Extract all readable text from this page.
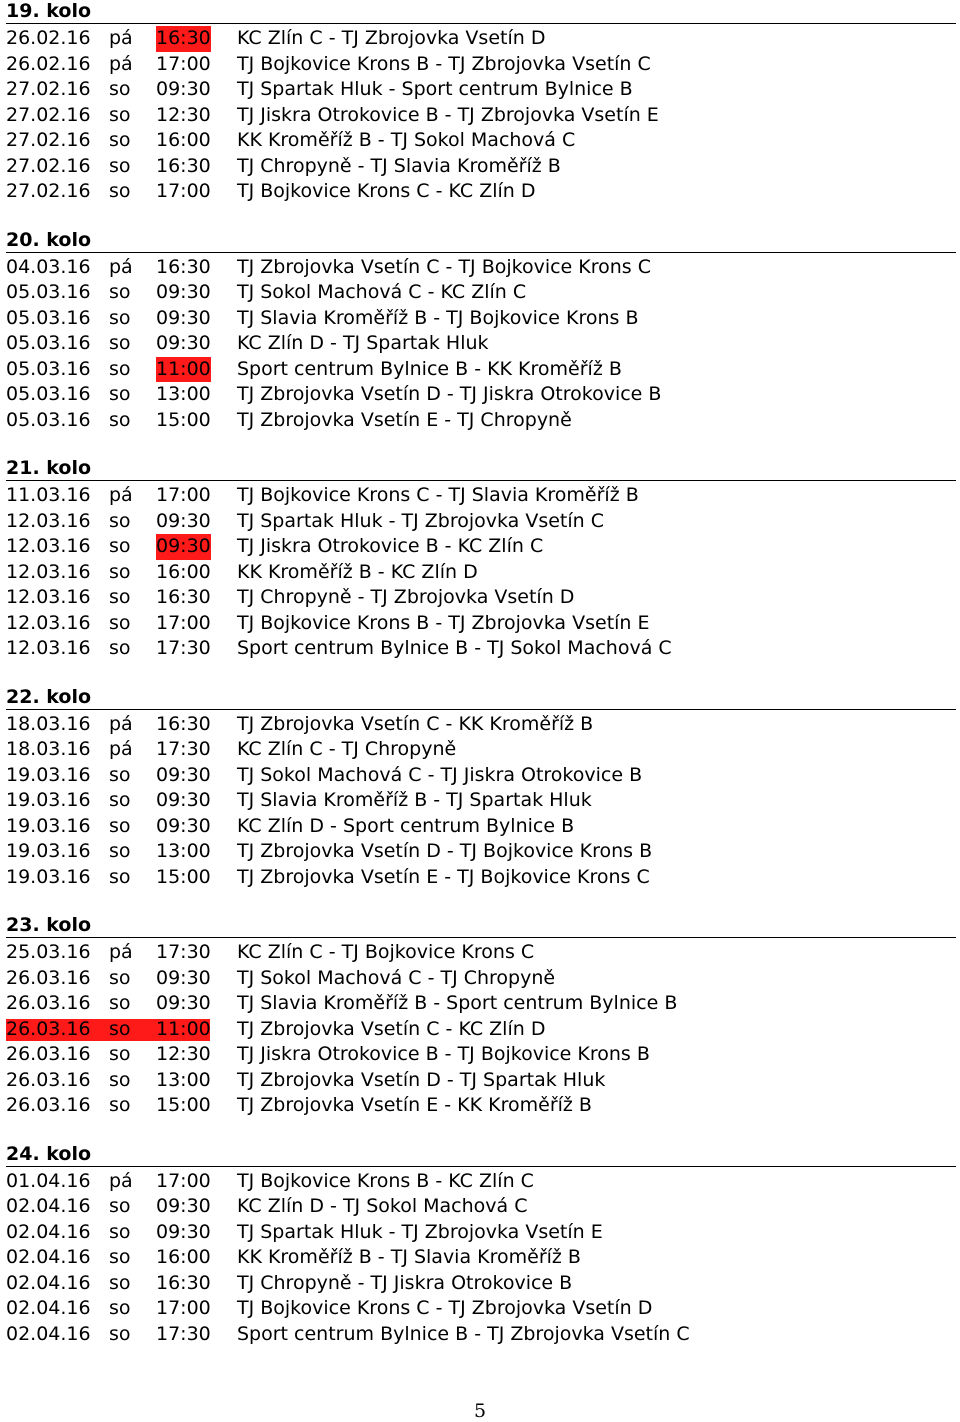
19. kolo
26.02.16 pá 16:30 KC Zlín C - TJ Zbrojovka Vsetín D
26.02.16 pá 17:00 TJ Bojkovice Krons B - TJ Zbrojovka Vsetín C
27.02.16 so 09:30 TJ Spartak Hluk - Sport centrum Bylnice B
27.02.16 so 12:30 TJ Jiskra Otrokovice B - TJ Zbrojovka Vsetín E
27.02.16 so 16:00 KK Kroměříž B - TJ Sokol Machová C
27.02.16 so 16:30 TJ Chropyně - TJ Slavia Kroměříž B
27.02.16 so 17:00 TJ Bojkovice Krons C - KC Zlín D
20. kolo
04.03.16 pá 16:30 TJ Zbrojovka Vsetín C - TJ Bojkovice Krons C
05.03.16 so 09:30 TJ Sokol Machová C - KC Zlín C
05.03.16 so 09:30 TJ Slavia Kroměříž B - TJ Bojkovice Krons B
05.03.16 so 09:30 KC Zlín D - TJ Spartak Hluk
05.03.16 so 11:00 Sport centrum Bylnice B - KK Kroměříž B
05.03.16 so 13:00 TJ Zbrojovka Vsetín D - TJ Jiskra Otrokovice B
05.03.16 so 15:00 TJ Zbrojovka Vsetín E - TJ Chropyně
21. kolo
11.03.16 pá 17:00 TJ Bojkovice Krons C - TJ Slavia Kroměříž B
12.03.16 so 09:30 TJ Spartak Hluk - TJ Zbrojovka Vsetín C
12.03.16 so 09:30 TJ Jiskra Otrokovice B - KC Zlín C
12.03.16 so 16:00 KK Kroměříž B - KC Zlín D
12.03.16 so 16:30 TJ Chropyně - TJ Zbrojovka Vsetín D
12.03.16 so 17:00 TJ Bojkovice Krons B - TJ Zbrojovka Vsetín E
12.03.16 so 17:30 Sport centrum Bylnice B - TJ Sokol Machová C
22. kolo
18.03.16 pá 16:30 TJ Zbrojovka Vsetín C - KK Kroměříž B
18.03.16 pá 17:30 KC Zlín C - TJ Chropyně
19.03.16 so 09:30 TJ Sokol Machová C - TJ Jiskra Otrokovice B
19.03.16 so 09:30 TJ Slavia Kroměříž B - TJ Spartak Hluk
19.03.16 so 09:30 KC Zlín D - Sport centrum Bylnice B
19.03.16 so 13:00 TJ Zbrojovka Vsetín D - TJ Bojkovice Krons B
19.03.16 so 15:00 TJ Zbrojovka Vsetín E - TJ Bojkovice Krons C
23. kolo
25.03.16 pá 17:30 KC Zlín C - TJ Bojkovice Krons C
26.03.16 so 09:30 TJ Sokol Machová C - TJ Chropyně
26.03.16 so 09:30 TJ Slavia Kroměříž B - Sport centrum Bylnice B
26.03.16 so	11:00 TJ Zbrojovka Vsetín C - KC Zlín D
26.03.16 so 12:30 TJ Jiskra Otrokovice B - TJ Bojkovice Krons B
26.03.16 so 13:00 TJ Zbrojovka Vsetín D - TJ Spartak Hluk
26.03.16 so 15:00 TJ Zbrojovka Vsetín E - KK Kroměříž B
24. kolo
01.04.16 pá 17:00 TJ Bojkovice Krons B - KC Zlín C
02.04.16 so 09:30 KC Zlín D - TJ Sokol Machová C
02.04.16 so 09:30 TJ Spartak Hluk - TJ Zbrojovka Vsetín E
02.04.16 so 16:00 KK Kroměříž B - TJ Slavia Kroměříž B
02.04.16 so 16:30 TJ Chropyně - TJ Jiskra Otrokovice B
02.04.16 so 17:00 TJ Bojkovice Krons C - TJ Zbrojovka Vsetín D
02.04.16 so 17:30 Sport centrum Bylnice B - TJ Zbrojovka Vsetín C
5
